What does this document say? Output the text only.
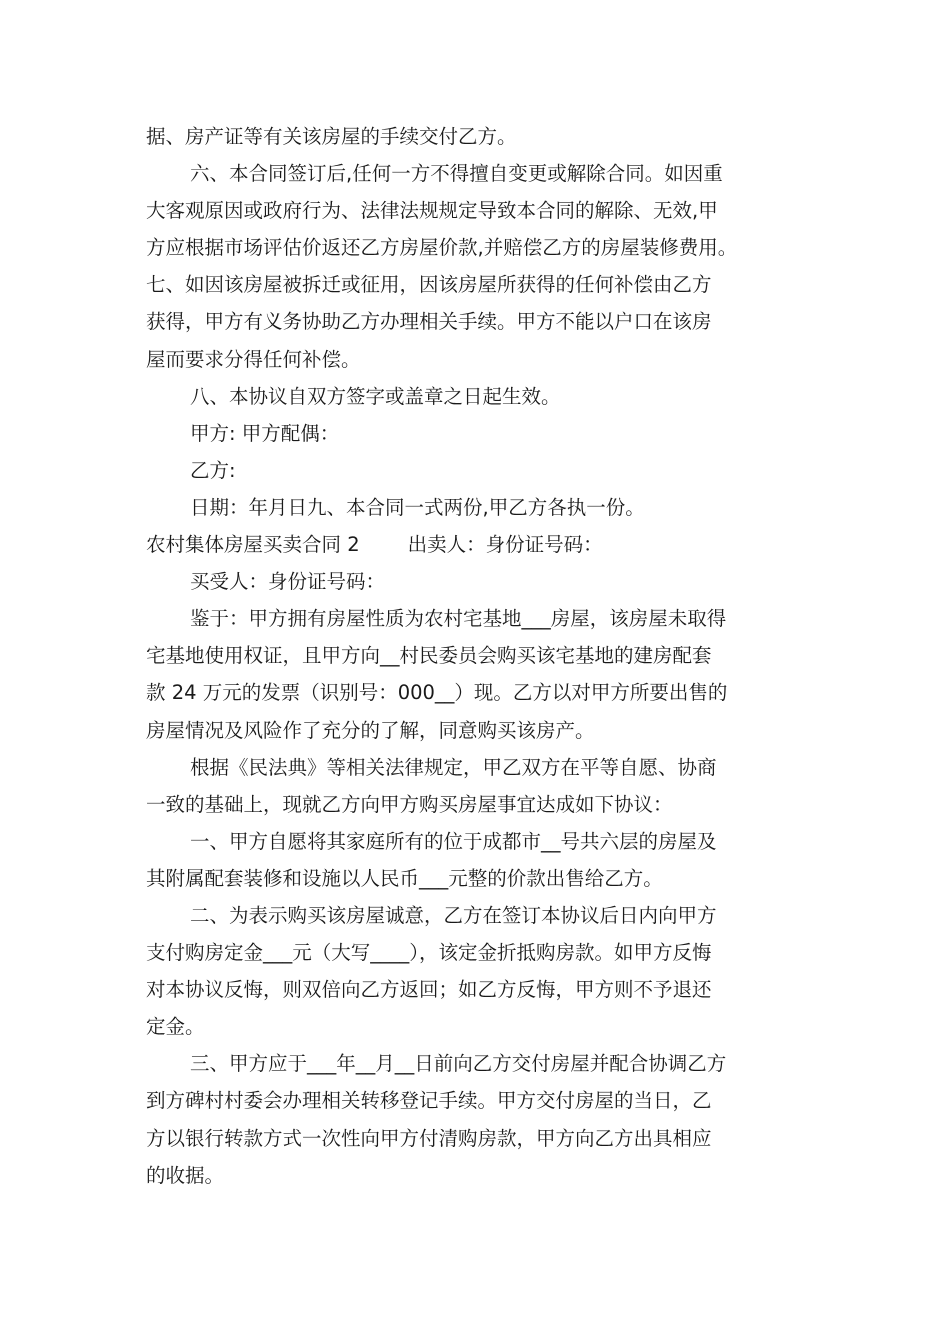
据、房产证等有关该房屋的手续交付乙方。
六、本合同签订后,任何一方不得擅自变更或解除合同。如因重
大客观原因或政府行为、法律法规规定导致本合同的解除、无效,甲
方应根据市场评估价返还乙方房屋价款,并赔偿乙方的房屋装修费用。
七、如因该房屋被拆迁或征用，因该房屋所获得的任何补偿由乙方
获得，甲方有义务协助乙方办理相关手续。甲方不能以户口在该房
屋而要求分得任何补偿。
八、本协议自双方签字或盖章之日起生效。
甲方: 甲方配偶：
乙方:
日期：年月日九、本合同一式两份,甲乙方各执一份。
农村集体房屋买卖合同 2 出卖人：身份证号码：
买受人：身份证号码：
鉴于：甲方拥有房屋性质为农村宅基地___房屋，该房屋未取得
宅基地使用权证，且甲方向__村民委员会购买该宅基地的建房配套
款 24 万元的发票（识别号：000__）现。乙方以对甲方所要出售的
房屋情况及风险作了充分的了解，同意购买该房产。
根据《民法典》等相关法律规定，甲乙双方在平等自愿、协商
一致的基础上，现就乙方向甲方购买房屋事宜达成如下协议：
一、甲方自愿将其家庭所有的位于成都市__号共六层的房屋及
其附属配套装修和设施以人民币___元整的价款出售给乙方。
二、为表示购买该房屋诚意，乙方在签订本协议后日内向甲方
支付购房定金___元（大写____），该定金折抵购房款。如甲方反悔
对本协议反悔，则双倍向乙方返回；如乙方反悔，甲方则不予退还
定金。
三、甲方应于___年__月__日前向乙方交付房屋并配合协调乙方
到方碑村村委会办理相关转移登记手续。甲方交付房屋的当日，乙
方以银行转款方式一次性向甲方付清购房款，甲方向乙方出具相应
的收据。
